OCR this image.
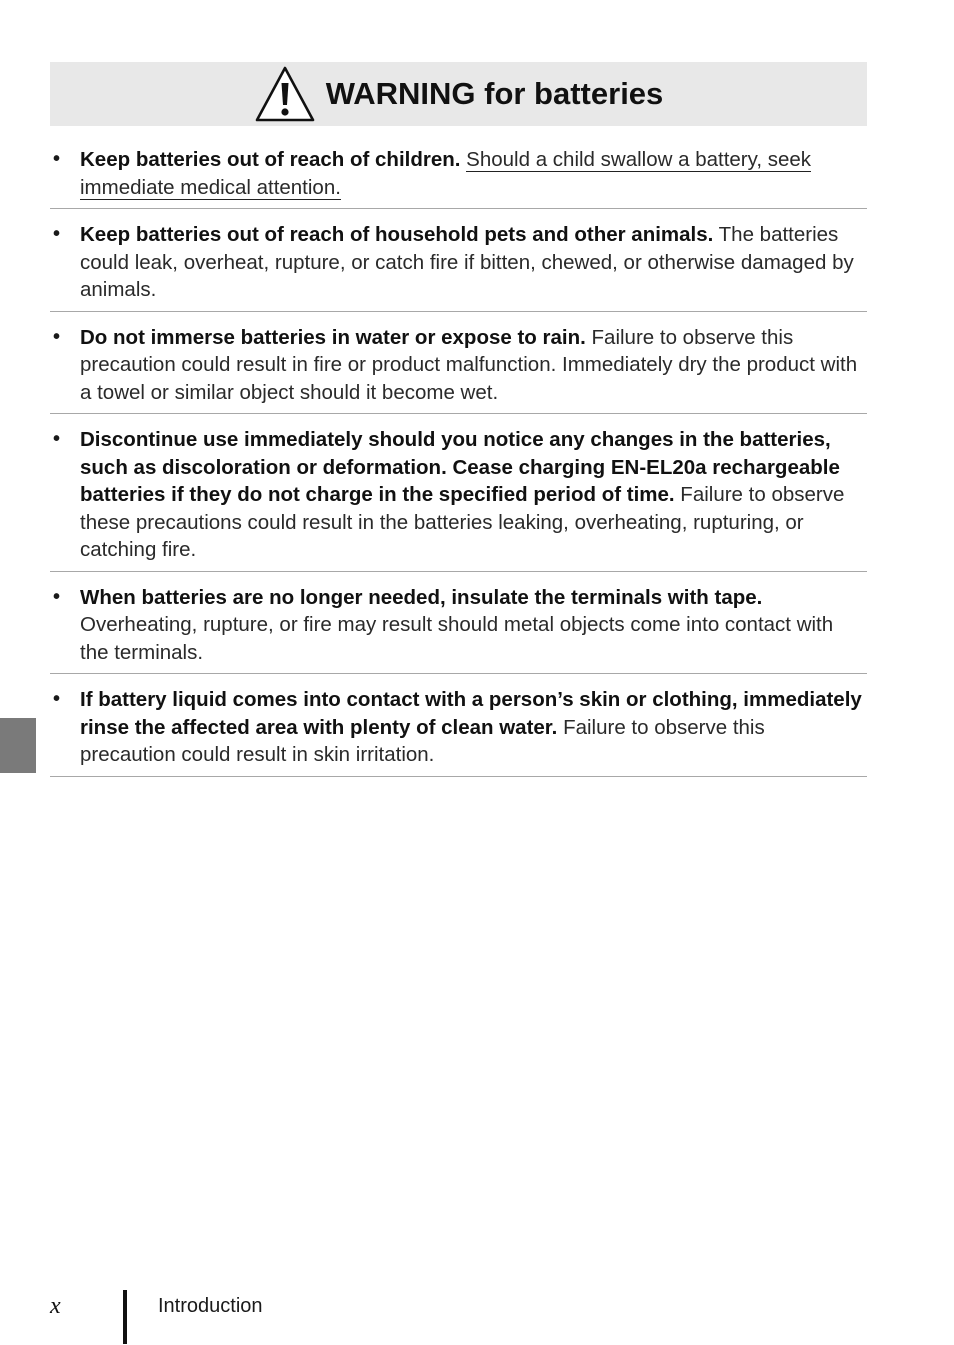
WARNING for batteries
• Keep batteries out of reach of children. Should a child swallow a battery, seek immediate medical attention.
• Keep batteries out of reach of household pets and other animals. The batteries could leak, overheat, rupture, or catch fire if bitten, chewed, or otherwise damaged by animals.
• Do not immerse batteries in water or expose to rain. Failure to observe this precaution could result in fire or product malfunction. Immediately dry the product with a towel or similar object should it become wet.
• Discontinue use immediately should you notice any changes in the batteries, such as discoloration or deformation. Cease charging EN-EL20a rechargeable batteries if they do not charge in the specified period of time. Failure to observe these precautions could result in the batteries leaking, overheating, rupturing, or catching fire.
• When batteries are no longer needed, insulate the terminals with tape. Overheating, rupture, or fire may result should metal objects come into contact with the terminals.
• If battery liquid comes into contact with a person’s skin or clothing, immediately rinse the affected area with plenty of clean water. Failure to observe this precaution could result in skin irritation.
x	Introduction
